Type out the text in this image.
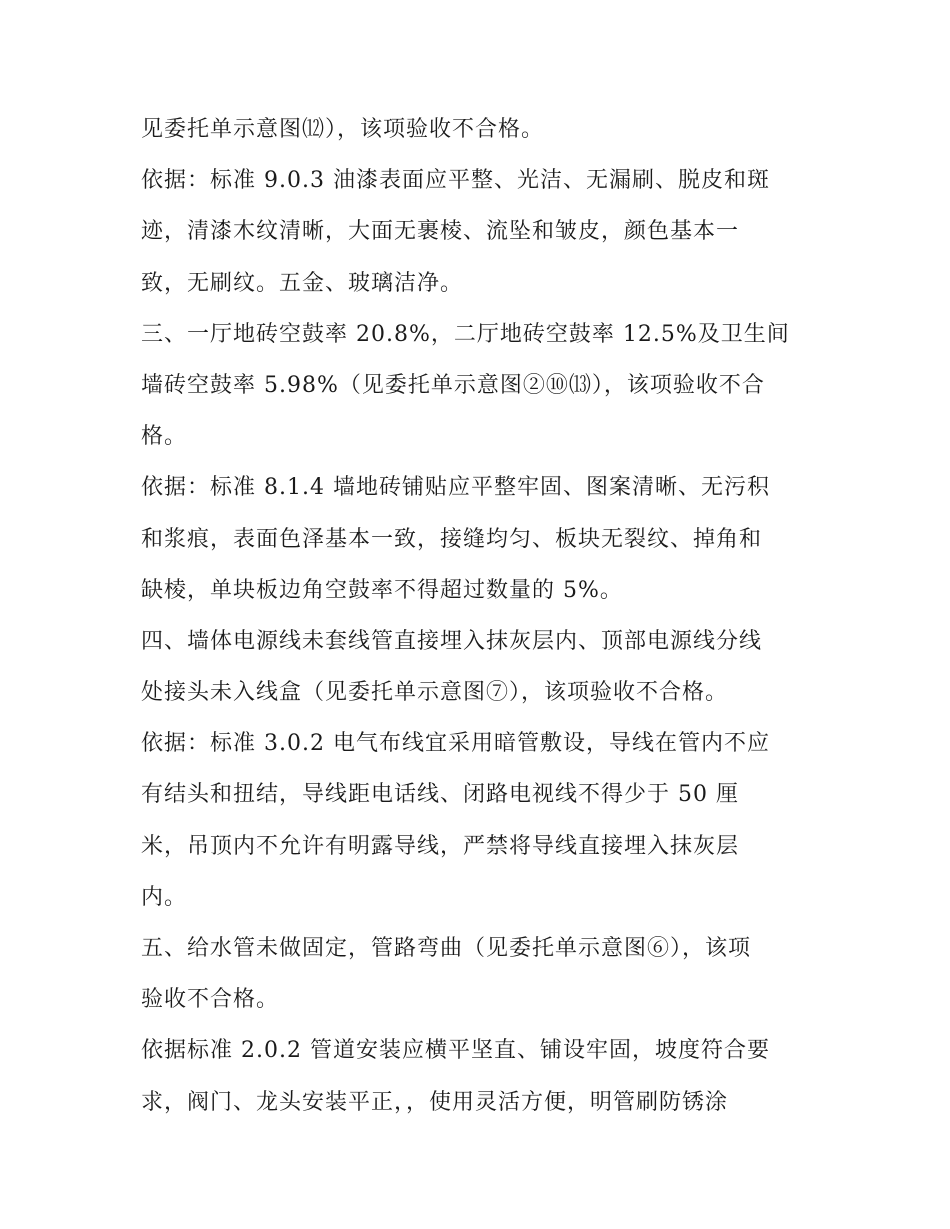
见委托单示意图⑿），该项验收不合格。
依据：标准 9.0.3 油漆表面应平整、光洁、无漏刷、脱皮和斑
迹，清漆木纹清晰，大面无裹棱、流坠和皱皮，颜色基本一
致，无刷纹。五金、玻璃洁净。
三、一厅地砖空鼓率 20.8%，二厅地砖空鼓率 12.5%及卫生间
墙砖空鼓率 5.98%（见委托单示意图②⑩⒀），该项验收不合
格。
依据：标准 8.1.4 墙地砖铺贴应平整牢固、图案清晰、无污积
和浆痕，表面色泽基本一致，接缝均匀、板块无裂纹、掉角和
缺棱，单块板边角空鼓率不得超过数量的 5%。
四、墙体电源线未套线管直接埋入抹灰层内、顶部电源线分线
处接头未入线盒（见委托单示意图⑦），该项验收不合格。
依据：标准 3.0.2 电气布线宜采用暗管敷设，导线在管内不应
有结头和扭结，导线距电话线、闭路电视线不得少于 50 厘
米，吊顶内不允许有明露导线，严禁将导线直接埋入抹灰层
内。
五、给水管未做固定，管路弯曲（见委托单示意图⑥），该项
验收不合格。
依据标准 2.0.2 管道安装应横平坚直、铺设牢固，坡度符合要
求，阀门、龙头安装平正，，使用灵活方便，明管刷防锈涂
